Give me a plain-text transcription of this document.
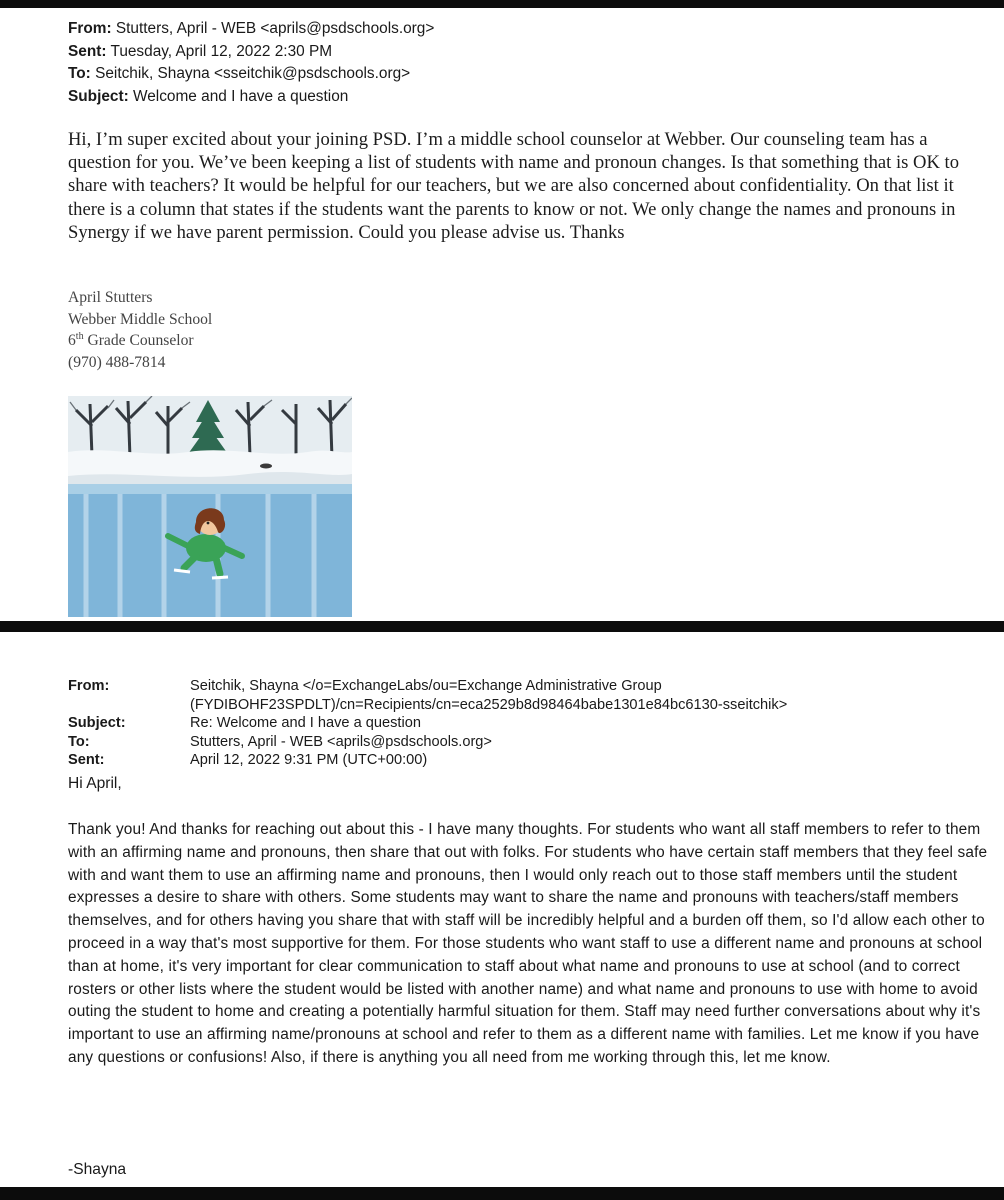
From: Stutters, April - WEB <aprils@psdschools.org>
Sent: Tuesday, April 12, 2022 2:30 PM
To: Seitchik, Shayna <sseitchik@psdschools.org>
Subject: Welcome and I have a question

Hi, I’m super excited about your joining PSD. I’m a middle school counselor at Webber. Our counseling team has a question for you. We’ve been keeping a list of students with name and pronoun changes. Is that something that is OK to share with teachers? It would be helpful for our teachers, but we are also concerned about confidentiality. On that list it there is a column that states if the students want the parents to know or not. We only change the names and pronouns in Synergy if we have parent permission. Could you please advise us. Thanks

April Stutters
Webber Middle School
6th Grade Counselor
(970) 488-7814
From:	Seitchik, Shayna </o=ExchangeLabs/ou=Exchange Administrative Group
(FYDIBOHF23SPDLT)/cn=Recipients/cn=eca2529b8d98464babe1301e84bc6130-sseitchik>
Subject:	Re: Welcome and I have a question
To:	Stutters, April - WEB <aprils@psdschools.org>
Sent:	April 12, 2022 9:31 PM (UTC+00:00)
Hi April,

Thank you! And thanks for reaching out about this - I have many thoughts. For students who want all staff members to refer to them with an affirming name and pronouns, then share that out with folks. For students who have certain staff members that they feel safe with and want them to use an affirming name and pronouns, then I would only reach out to those staff members until the student expresses a desire to share with others. Some students may want to share the name and pronouns with teachers/staff members themselves, and for others having you share that with staff will be incredibly helpful and a burden off them, so I'd allow each other to proceed in a way that's most supportive for them. For those students who want staff to use a different name and pronouns at school than at home, it's very important for clear communication to staff about what name and pronouns to use at school (and to correct rosters or other lists where the student would be listed with another name) and what name and pronouns to use with home to avoid outing the student to home and creating a potentially harmful situation for them. Staff may need further conversations about why it's important to use an affirming name/pronouns at school and refer to them as a different name with families. Let me know if you have any questions or confusions! Also, if there is anything you all need from me working through this, let me know.

-Shayna
